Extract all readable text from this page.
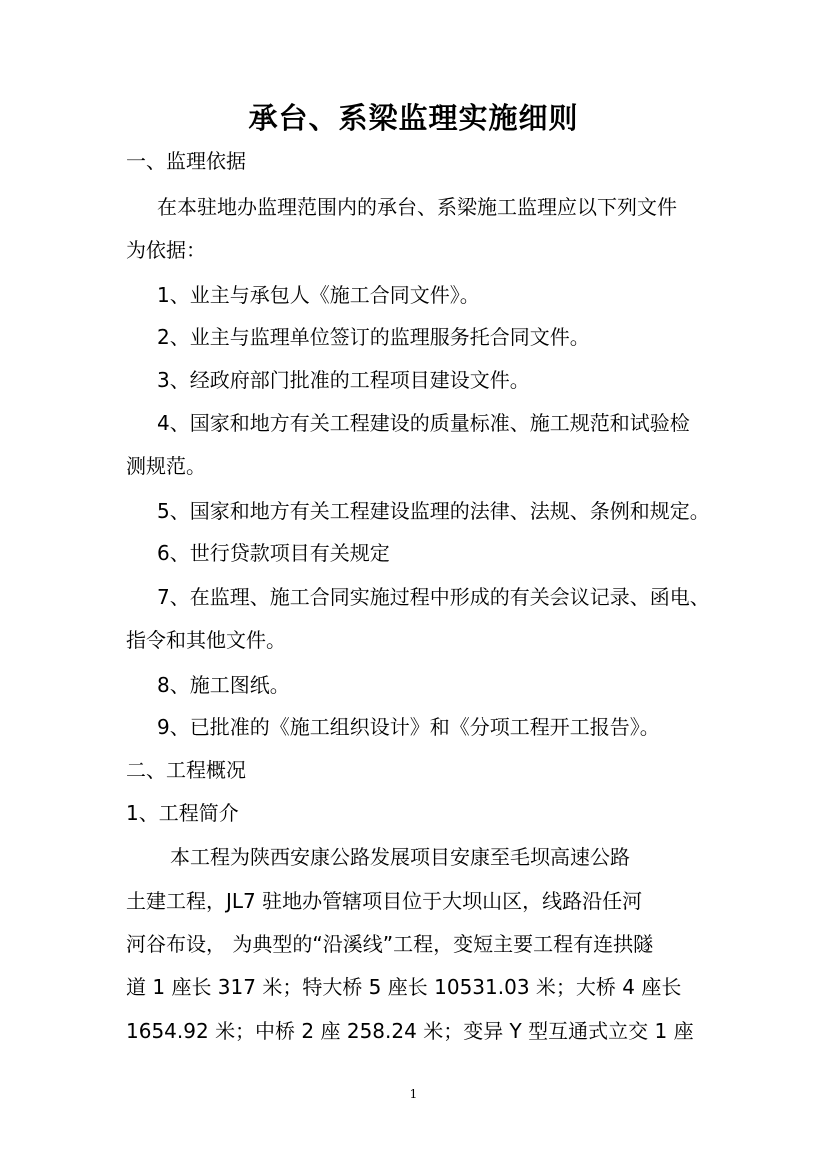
承台、系梁监理实施细则
一、监理依据
在本驻地办监理范围内的承台、系梁施工监理应以下列文件
为依据：
1、业主与承包人《施工合同文件》。
2、业主与监理单位签订的监理服务托合同文件。
3、经政府部门批准的工程项目建设文件。
4、国家和地方有关工程建设的质量标准、施工规范和试验检
测规范。
5、国家和地方有关工程建设监理的法律、法规、条例和规定。
6、世行贷款项目有关规定
7、在监理、施工合同实施过程中形成的有关会议记录、函电、
指令和其他文件。
8、施工图纸。
9、已批准的《施工组织设计》和《分项工程开工报告》。
二、工程概况
1、工程简介
本工程为陕西安康公路发展项目安康至毛坝高速公路
土建工程，JL7 驻地办管辖项目位于大坝山区，线路沿任河
河谷布设， 为典型的“沿溪线”工程，变短主要工程有连拱隧
道 1 座长 317 米；特大桥 5 座长 10531.03 米；大桥 4 座长
1654.92 米；中桥 2 座 258.24 米；变异 Y 型互通式立交 1 座
1
